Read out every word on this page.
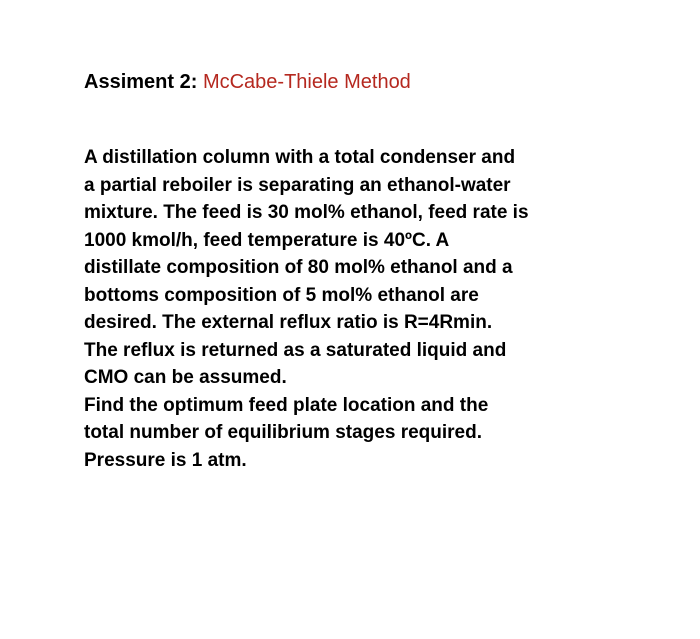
Assiment 2: McCabe-Thiele Method
A distillation column with a total condenser and
a partial reboiler is separating an ethanol-water
mixture. The feed is 30 mol% ethanol, feed rate is
1000 kmol/h, feed temperature is 40ºC. A
distillate composition of 80 mol% ethanol and a
bottoms composition of 5 mol% ethanol are
desired. The external reflux ratio is R=4Rmin.
The reflux is returned as a saturated liquid and
CMO can be assumed.
Find the optimum feed plate location and the
total number of equilibrium stages required.
Pressure is 1 atm.
